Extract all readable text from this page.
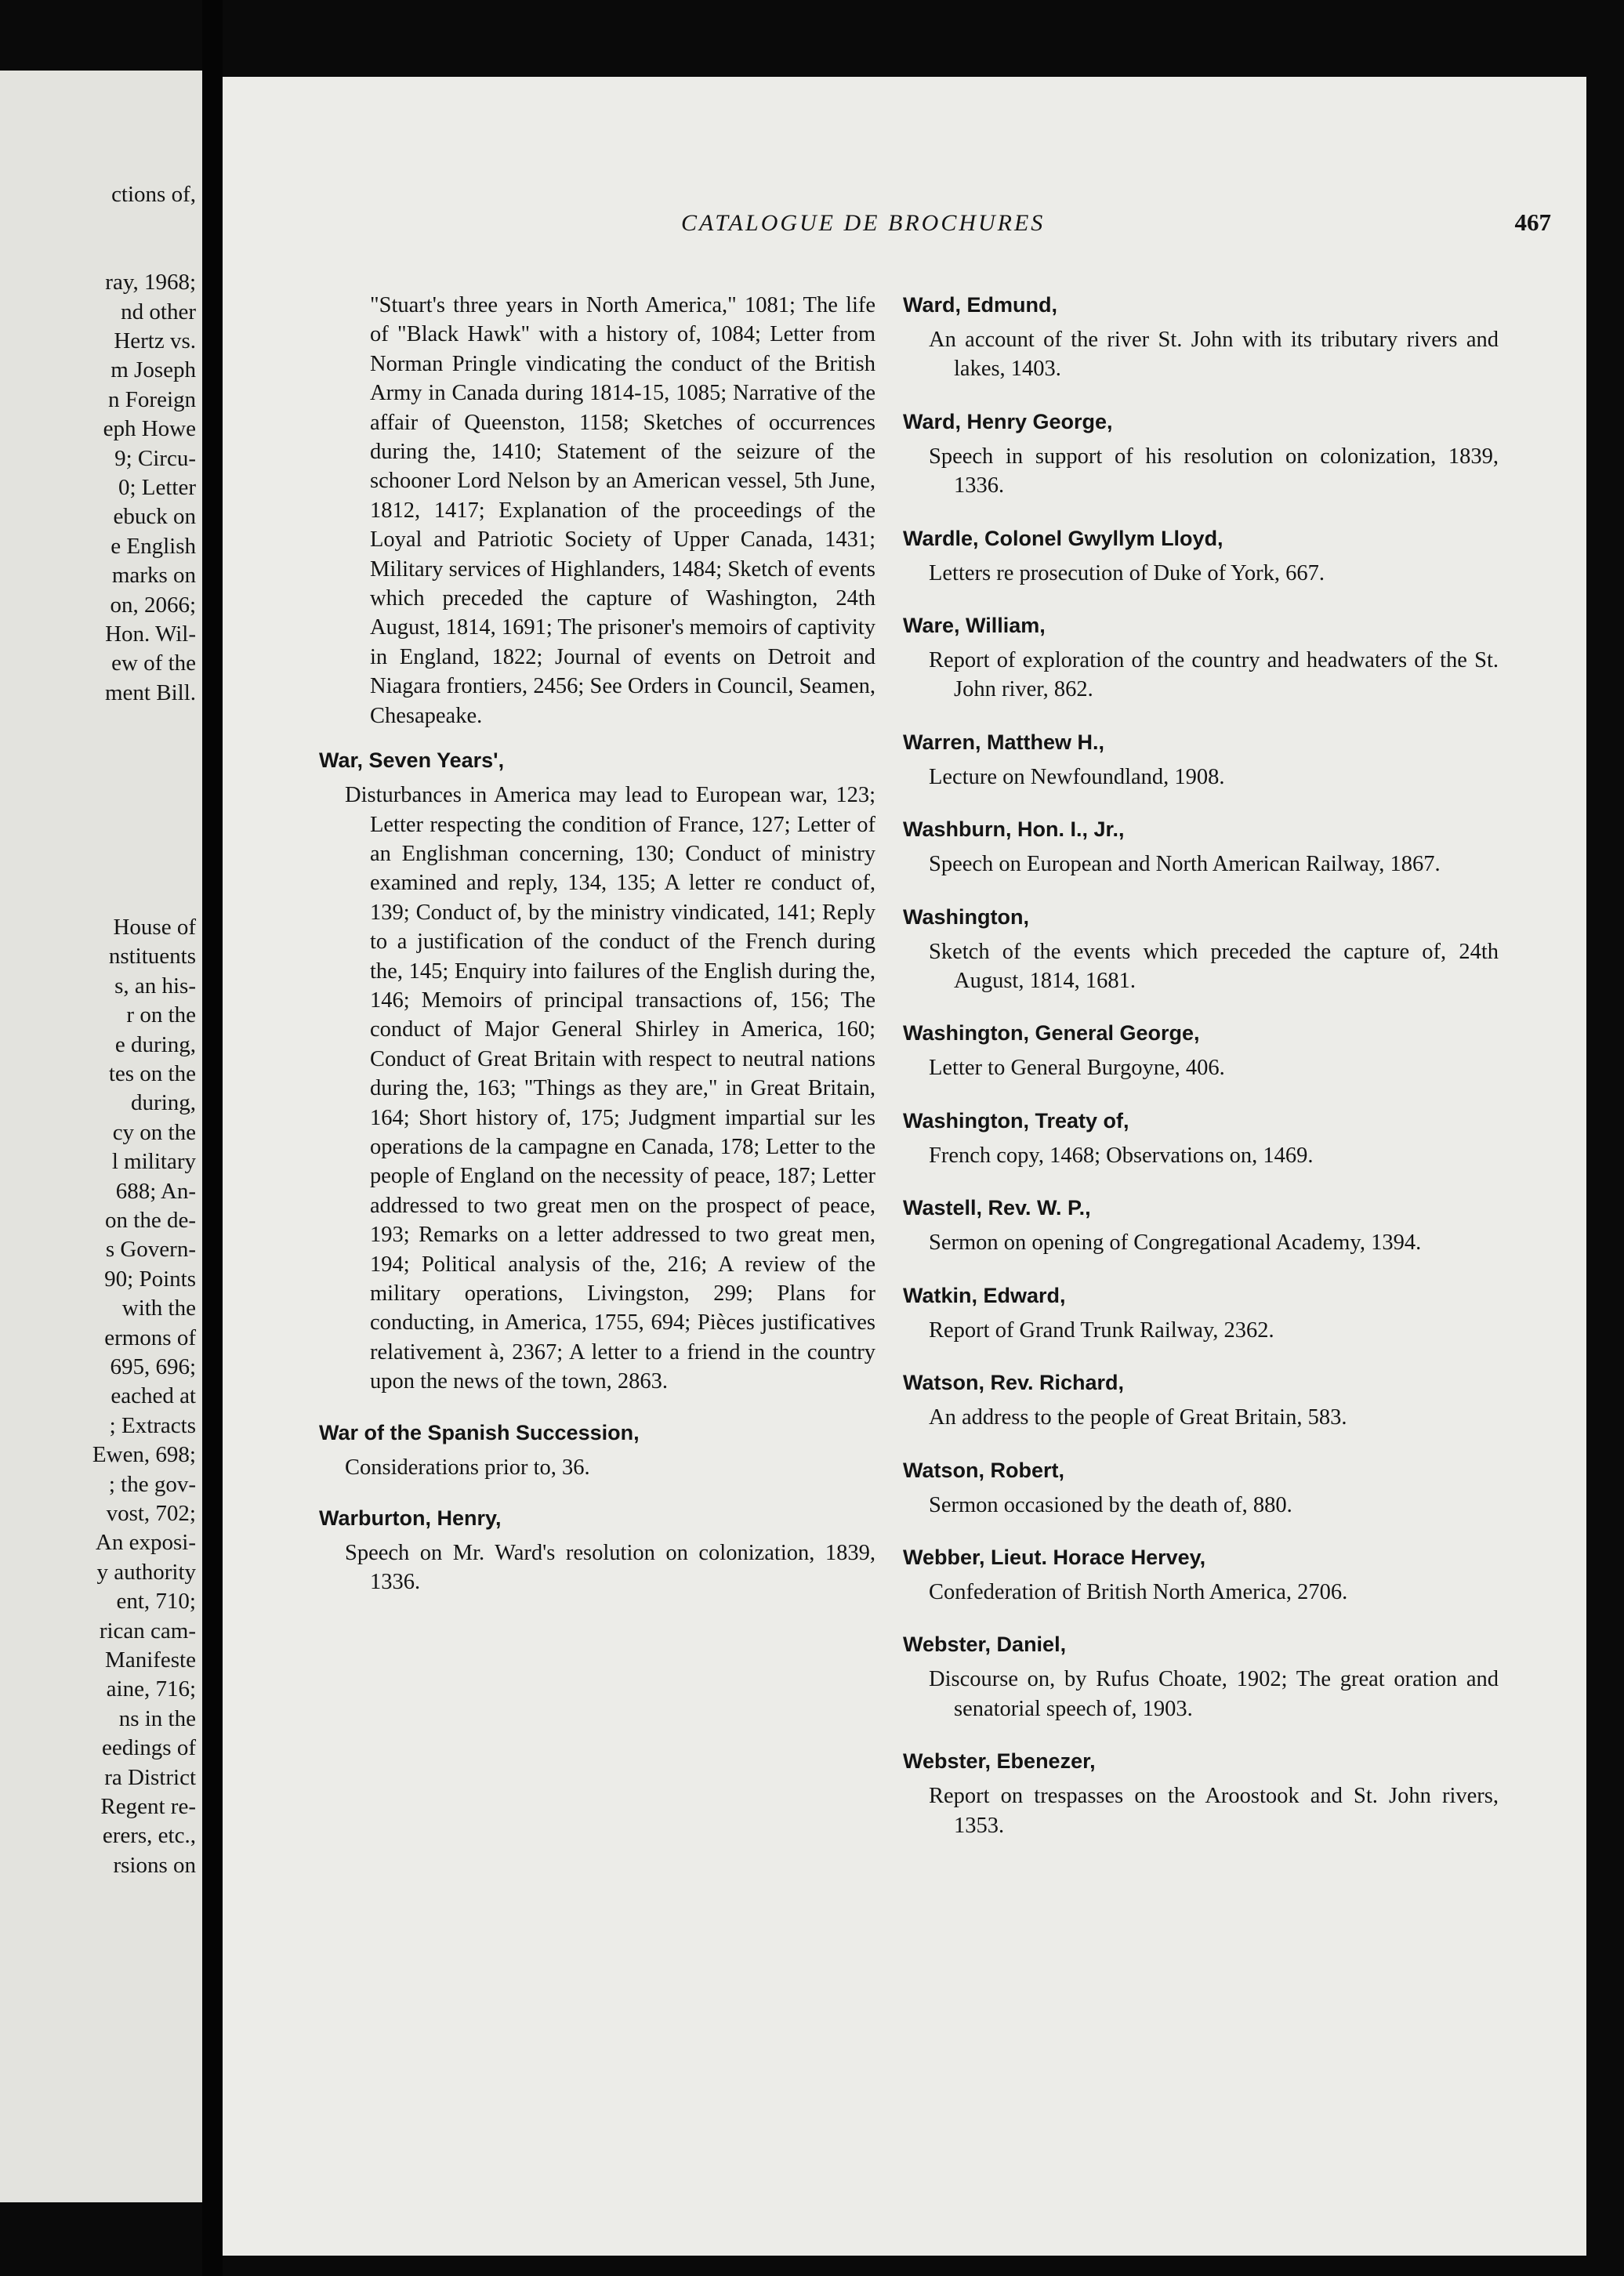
ctions of,
ray, 1968;
nd other
Hertz vs.
m Joseph
n Foreign
eph Howe
9; Circu-
0; Letter
ebuck on
e English
marks on
on, 2066;
Hon. Wil-
ew of the
ment Bill.
House of
nstituents
s, an his-
r on the
e during,
tes on the
during,
cy on the
l military
688; An-
on the de-
s Govern-
90; Points
with the
ermons of
695, 696;
eached at
; Extracts
Ewen, 698;
; the gov-
vost, 702;
An exposi-
y authority
ent, 710;
rican cam-
Manifeste
aine, 716;
ns in the
eedings of
ra District
Regent re-
erers, etc.,
rsions on
CATALOGUE DE BROCHURES	467
"Stuart's three years in North America," 1081; The life of "Black Hawk" with a history of, 1084; Letter from Norman Pringle vindicating the conduct of the British Army in Canada during 1814-15, 1085; Narrative of the affair of Queenston, 1158; Sketches of occurrences during the, 1410; Statement of the seizure of the schooner Lord Nelson by an American vessel, 5th June, 1812, 1417; Explanation of the proceedings of the Loyal and Patriotic Society of Upper Canada, 1431; Military services of Highlanders, 1484; Sketch of events which preceded the capture of Washington, 24th August, 1814, 1691; The prisoner's memoirs of captivity in England, 1822; Journal of events on Detroit and Niagara frontiers, 2456; See Orders in Council, Seamen, Chesapeake.
War, Seven Years',
Disturbances in America may lead to European war, 123; Letter respecting the condition of France, 127; Letter of an Englishman concerning, 130; Conduct of ministry examined and reply, 134, 135; A letter re conduct of, 139; Conduct of, by the ministry vindicated, 141; Reply to a justification of the conduct of the French during the, 145; Enquiry into failures of the English during the, 146; Memoirs of principal transactions of, 156; The conduct of Major General Shirley in America, 160; Conduct of Great Britain with respect to neutral nations during the, 163; "Things as they are," in Great Britain, 164; Short history of, 175; Judgment impartial sur les operations de la campagne en Canada, 178; Letter to the people of England on the necessity of peace, 187; Letter addressed to two great men on the prospect of peace, 193; Remarks on a letter addressed to two great men, 194; Political analysis of the, 216; A review of the military operations, Livingston, 299; Plans for conducting, in America, 1755, 694; Pièces justificatives relativement à, 2367; A letter to a friend in the country upon the news of the town, 2863.
War of the Spanish Succession,
Considerations prior to, 36.
Warburton, Henry,
Speech on Mr. Ward's resolution on colonization, 1839, 1336.
Ward, Edmund,
An account of the river St. John with its tributary rivers and lakes, 1403.
Ward, Henry George,
Speech in support of his resolution on colonization, 1839, 1336.
Wardle, Colonel Gwyllym Lloyd,
Letters re prosecution of Duke of York, 667.
Ware, William,
Report of exploration of the country and headwaters of the St. John river, 862.
Warren, Matthew H.,
Lecture on Newfoundland, 1908.
Washburn, Hon. I., Jr.,
Speech on European and North American Railway, 1867.
Washington,
Sketch of the events which preceded the capture of, 24th August, 1814, 1681.
Washington, General George,
Letter to General Burgoyne, 406.
Washington, Treaty of,
French copy, 1468; Observations on, 1469.
Wastell, Rev. W. P.,
Sermon on opening of Congregational Academy, 1394.
Watkin, Edward,
Report of Grand Trunk Railway, 2362.
Watson, Rev. Richard,
An address to the people of Great Britain, 583.
Watson, Robert,
Sermon occasioned by the death of, 880.
Webber, Lieut. Horace Hervey,
Confederation of British North America, 2706.
Webster, Daniel,
Discourse on, by Rufus Choate, 1902; The great oration and senatorial speech of, 1903.
Webster, Ebenezer,
Report on trespasses on the Aroostook and St. John rivers, 1353.
